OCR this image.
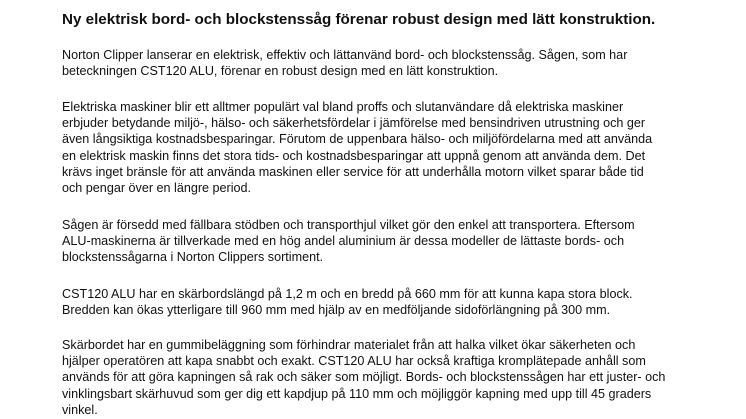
Ny elektrisk bord- och blockstenssåg förenar robust design med lätt konstruktion.

Norton Clipper lanserar en elektrisk, effektiv och lättanvänd bord- och blockstenssåg. Sågen, som har
beteckningen CST120 ALU, förenar en robust design med en lätt konstruktion.

Elektriska maskiner blir ett alltmer populärt val bland proffs och slutanvändare då elektriska maskiner
erbjuder betydande miljö-, hälso- och säkerhetsfördelar i jämförelse med bensindriven utrustning och ger
även långsiktiga kostnadsbesparingar. Förutom de uppenbara hälso- och miljöfördelarna med att använda
en elektrisk maskin finns det stora tids- och kostnadsbesparingar att uppnå genom att använda dem. Det
krävs inget bränsle för att använda maskinen eller service för att underhålla motorn vilket sparar både tid
och pengar över en längre period.

Sågen är försedd med fällbara stödben och transporthjul vilket gör den enkel att transportera. Eftersom
ALU-maskinerna är tillverkade med en hög andel aluminium är dessa modeller de lättaste bords- och
blockstenssågarna i Norton Clippers sortiment.

CST120 ALU har en skärbordslängd på 1,2 m och en bredd på 660 mm för att kunna kapa stora block.
Bredden kan ökas ytterligare till 960 mm med hjälp av en medföljande sidoförlängning på 300 mm.

Skärbordet har en gummibeläggning som förhindrar materialet från att halka vilket ökar säkerheten och
hjälper operatören att kapa snabbt och exakt. CST120 ALU har också kraftiga kromplätерade anhåll som
används för att göra kapningen så rak och säker som möjligt. Bords- och blockstenssågen har ett juster- och
vinklingsbart skärhuvud som ger dig ett kapdjup på 110 mm och möjliggör kapning med upp till 45 graders
vinkel.
